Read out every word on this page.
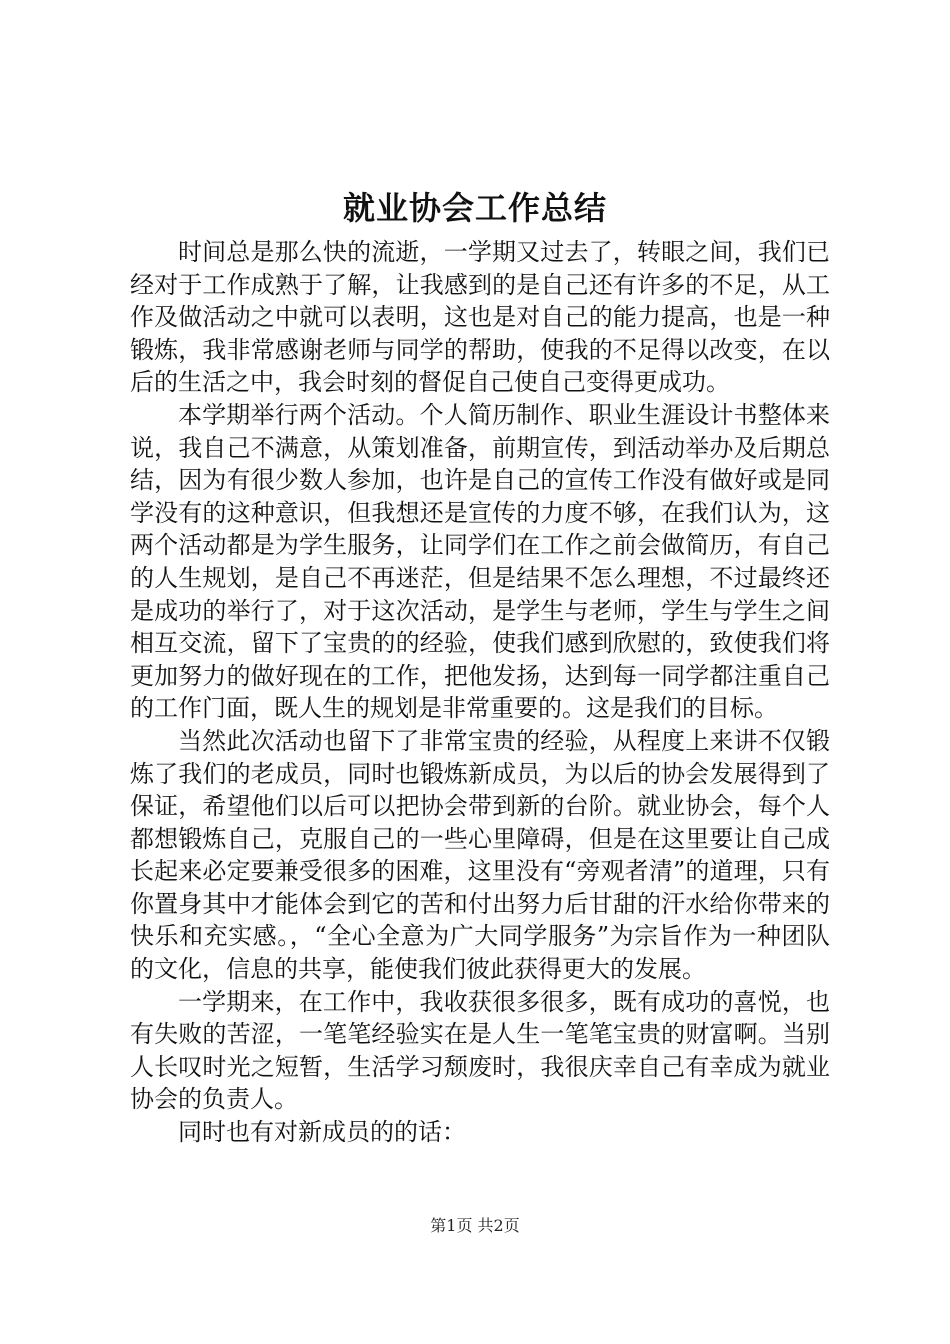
就业协会工作总结

时间总是那么快的流逝，一学期又过去了，转眼之间，我们已经对于工作成熟于了解，让我感到的是自己还有许多的不足，从工作及做活动之中就可以表明，这也是对自己的能力提高，也是一种锻炼，我非常感谢老师与同学的帮助，使我的不足得以改变，在以后的生活之中，我会时刻的督促自己使自己变得更成功。

本学期举行两个活动。个人简历制作、职业生涯设计书整体来说，我自己不满意，从策划准备，前期宣传，到活动举办及后期总结，因为有很少数人参加，也许是自己的宣传工作没有做好或是同学没有的这种意识，但我想还是宣传的力度不够，在我们认为，这两个活动都是为学生服务，让同学们在工作之前会做简历，有自己的人生规划，是自己不再迷茫，但是结果不怎么理想，不过最终还是成功的举行了，对于这次活动，是学生与老师，学生与学生之间相互交流，留下了宝贵的的经验，使我们感到欣慰的，致使我们将更加努力的做好现在的工作，把他发扬，达到每一同学都注重自己的工作门面，既人生的规划是非常重要的。这是我们的目标。

当然此次活动也留下了非常宝贵的经验，从程度上来讲不仅锻炼了我们的老成员，同时也锻炼新成员，为以后的协会发展得到了保证，希望他们以后可以把协会带到新的台阶。就业协会，每个人都想锻炼自己，克服自己的一些心里障碍，但是在这里要让自己成长起来必定要兼受很多的困难，这里没有“旁观者清”的道理，只有你置身其中才能体会到它的苦和付出努力后甘甜的汗水给你带来的快乐和充实感。，“全心全意为广大同学服务”为宗旨作为一种团队的文化，信息的共享，能使我们彼此获得更大的发展。

一学期来，在工作中，我收获很多很多，既有成功的喜悦，也有失败的苦涩，一笔笔经验实在是人生一笔笔宝贵的财富啊。当别人长叹时光之短暂，生活学习颓废时，我很庆幸自己有幸成为就业协会的负责人。

同时也有对新成员的的话：

第1页 共2页
